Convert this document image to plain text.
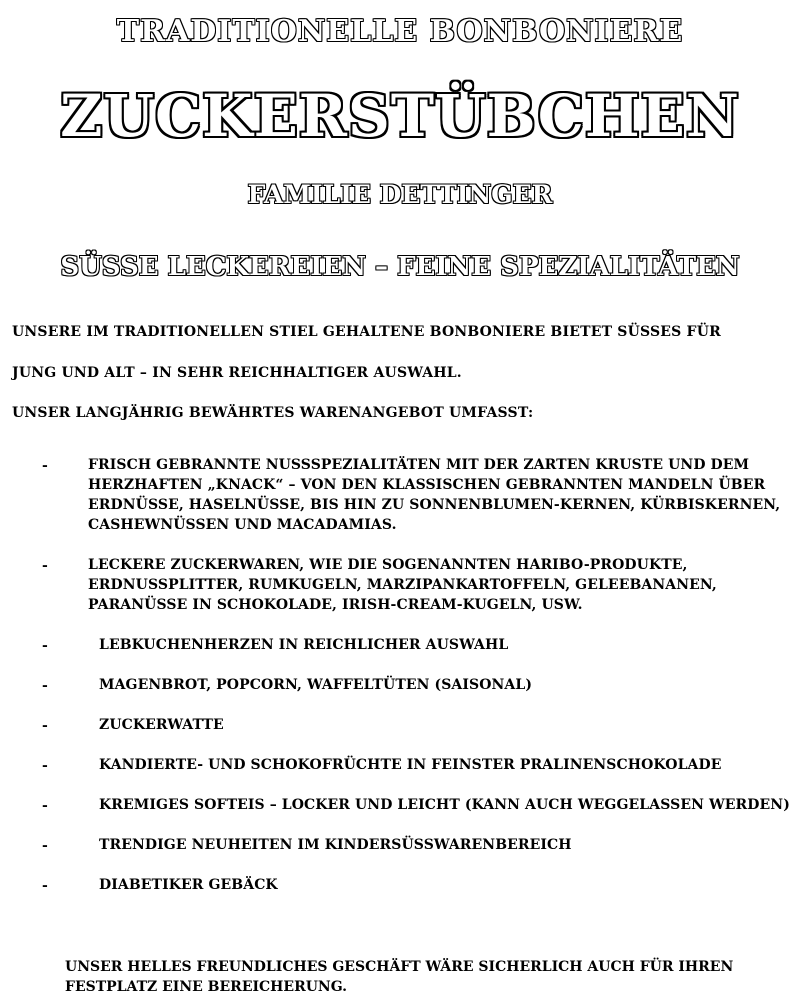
TRADITIONELLE BONBONIERE
ZUCKERSTÜBCHEN
FAMILIE DETTINGER
SÜSSE LECKEREIEN – FEINE SPEZIALITÄTEN
UNSERE IM TRADITIONELLEN STIEL GEHALTENE BONBONIERE BIETET SÜSSES FÜR
JUNG UND ALT – IN SEHR REICHHALTIGER AUSWAHL.
UNSER LANGJÄHRIG BEWÄHRTES WARENANGEBOT UMFASST:
-	FRISCH GEBRANNTE NUSSSPEZIALITÄTEN MIT DER ZARTEN KRUSTE UND DEM HERZHAFTEN „KNACK“ – VON DEN KLASSISCHEN GEBRANNTEN MANDELN ÜBER ERDNÜSSE, HASELNÜSSE, BIS HIN ZU SONNENBLUMEN-KERNEN, KÜRBISKERNEN, CASHEWNÜSSEN UND MACADAMIAS.
-	LECKERE ZUCKERWAREN, WIE DIE SOGENANNTEN HARIBO-PRODUKTE, ERDNUSSPLITTER, RUMKUGELN, MARZIPANKARTOFFELN, GELEEBANANEN, PARANÜSSE IN SCHOKOLADE, IRISH-CREAM-KUGELN, USW.
-	LEBKUCHENHERZEN IN REICHLICHER AUSWAHL
-	MAGENBROT, POPCORN, WAFFELTÜTEN (SAISONAL)
-	ZUCKERWATTE
-	KANDIERTE- UND SCHOKOFRÜCHTE IN FEINSTER PRALINENSCHOKOLADE
-	KREMIGES SOFTEIS – LOCKER UND LEICHT (KANN AUCH WEGGELASSEN WERDEN)
-	TRENDIGE NEUHEITEN IM KINDERSÜSSWARENBEREICH
-	DIABETIKER GEBÄCK
UNSER HELLES FREUNDLICHES GESCHÄFT WÄRE SICHERLICH AUCH FÜR IHREN FESTPLATZ EINE BEREICHERUNG.
